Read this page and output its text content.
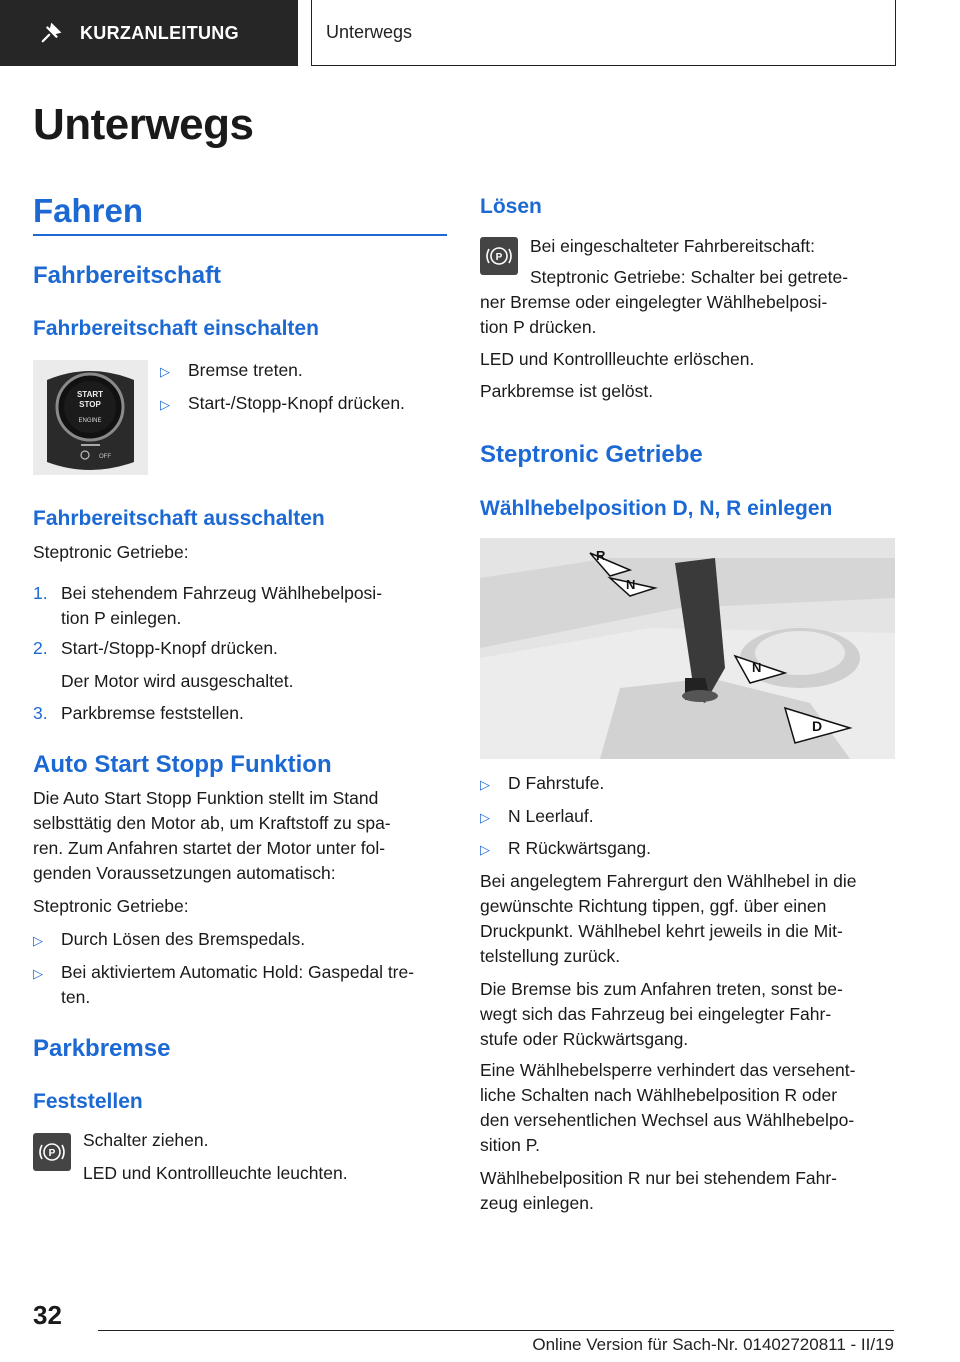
KURZANLEITUNG	Unterwegs
Unterwegs
Fahren
Fahrbereitschaft
Fahrbereitschaft einschalten
START
STOP
ENGINE
OFF
▷	Bremse treten.
▷	Start-/Stopp-Knopf drücken.
Fahrbereitschaft ausschalten
Steptronic Getriebe:
1. Bei stehendem Fahrzeug Wählhebelposi-
tion P einlegen.
2. Start-/Stopp-Knopf drücken.
Der Motor wird ausgeschaltet.
3. Parkbremse feststellen.
Auto Start Stopp Funktion
Die Auto Start Stopp Funktion stellt im Stand
selbsttätig den Motor ab, um Kraftstoff zu spa-
ren. Zum Anfahren startet der Motor unter fol-
genden Voraussetzungen automatisch:
Steptronic Getriebe:
▷	Durch Lösen des Bremspedals.
▷	Bei aktiviertem Automatic Hold: Gaspedal tre-
ten.
Parkbremse
Feststellen
P
Schalter ziehen.
LED und Kontrollleuchte leuchten.
Lösen
P
Bei eingeschalteter Fahrbereitschaft:
Steptronic Getriebe: Schalter bei getrete-
ner Bremse oder eingelegter Wählhebelposi-
tion P drücken.
LED und Kontrollleuchte erlöschen.
Parkbremse ist gelöst.
Steptronic Getriebe
Wählhebelposition D, N, R einlegen
R
N
N
D
▷	D Fahrstufe.
▷	N Leerlauf.
▷	R Rückwärtsgang.
Bei angelegtem Fahrergurt den Wählhebel in die
gewünschte Richtung tippen, ggf. über einen
Druckpunkt. Wählhebel kehrt jeweils in die Mit-
telstellung zurück.
Die Bremse bis zum Anfahren treten, sonst be-
wegt sich das Fahrzeug bei eingelegter Fahr-
stufe oder Rückwärtsgang.
Eine Wählhebelsperre verhindert das versehent-
liche Schalten nach Wählhebelposition R oder
den versehentlichen Wechsel aus Wählhebelpo-
sition P.
Wählhebelposition R nur bei stehendem Fahr-
zeug einlegen.
32
Online Version für Sach-Nr. 01402720811 - II/19
